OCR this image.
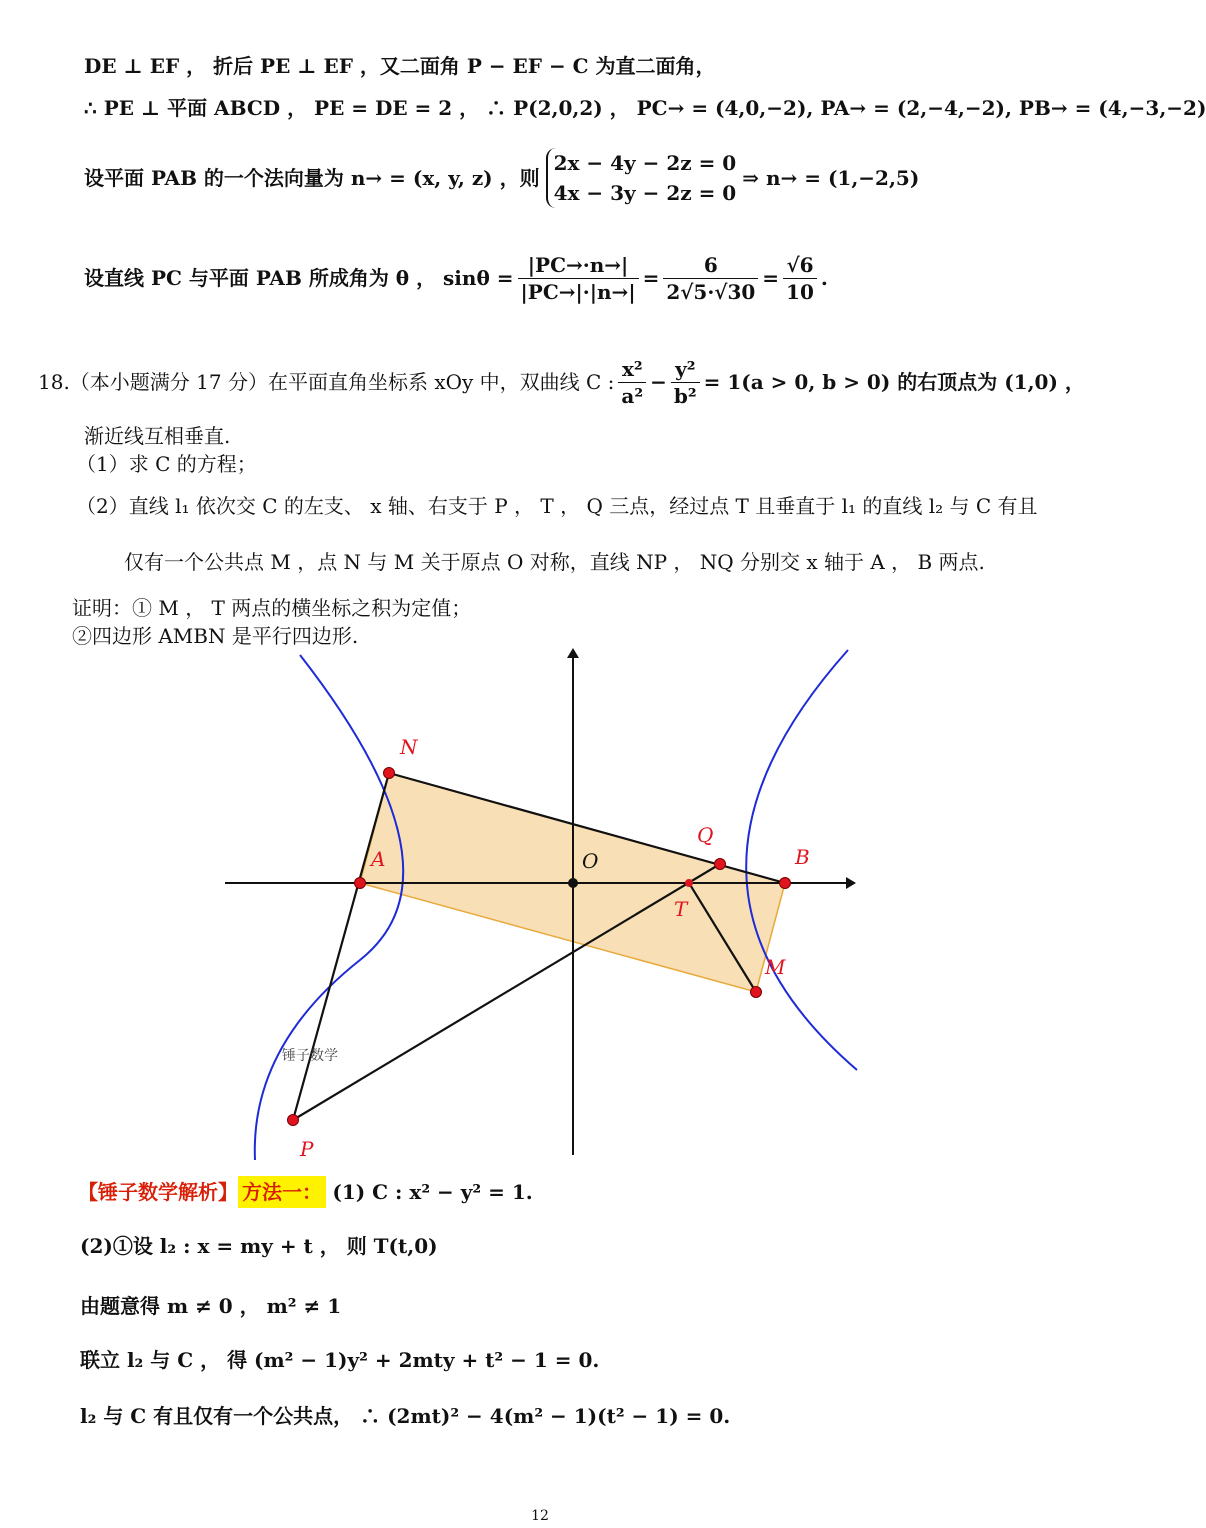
DE ⊥ EF ， 折后 PE ⊥ EF ，又二面角 P − EF − C 为直二面角，
∴ PE ⊥ 平面 ABCD ， PE = DE = 2 ， ∴ P(2,0,2) ， PC→ = (4,0,−2), PA→ = (2,−4,−2), PB→ = (4,−3,−2)
设平面 PAB 的一个法向量为 n→ = (x, y, z) ，则
2x − 4y − 2z = 0
4x − 3y − 2z = 0
⇒ n→ = (1,−2,5)
设直线 PC 与平面 PAB 所成角为 θ ， $\sin\theta = \frac{|PC\to\cdot n\to|}{|PC\to|\cdot|n\to|} = \frac{6}{2√5\cdot√30} = \frac{√6}{10}$ .
18.（本小题满分 17 分）在平面直角坐标系 xOy 中，双曲线 C : $\frac{\text{x²}}{\text{a²}} - \frac{\text{y²}}{\text{b²}} = 1(a > 0$, b > 0) 的右顶点为 (1,0) ，
渐近线互相垂直.
（1）求 C 的方程；
（2）直线 l₁ 依次交 C 的左支、 x 轴、右支于 P ， T ， Q 三点，经过点 T 且垂直于 l₁ 的直线 l₂ 与 C 有且
仅有一个公共点 M ，点 N 与 M 关于原点 O 对称，直线 NP ， NQ 分别交 x 轴于 A ， B 两点.
证明：① M ， T 两点的横坐标之积为定值；
②四边形 AMBN 是平行四边形.
N
A	O
Q
B
T
M
P
锤子数学
【锤子数学解析】 方法一： (1) C : x² − y² = 1.
(2)①设 l₂ : x = my + t ， 则 T(t,0)
由题意得 m ≠ 0 ， m² ≠ 1
联立 l₂ 与 C ， 得 (m² − 1)y² + 2mty + t² − 1 = 0.
l₂ 与 C 有且仅有一个公共点， ∴ (2mt)² − 4(m² − 1)(t² − 1) = 0.
12
